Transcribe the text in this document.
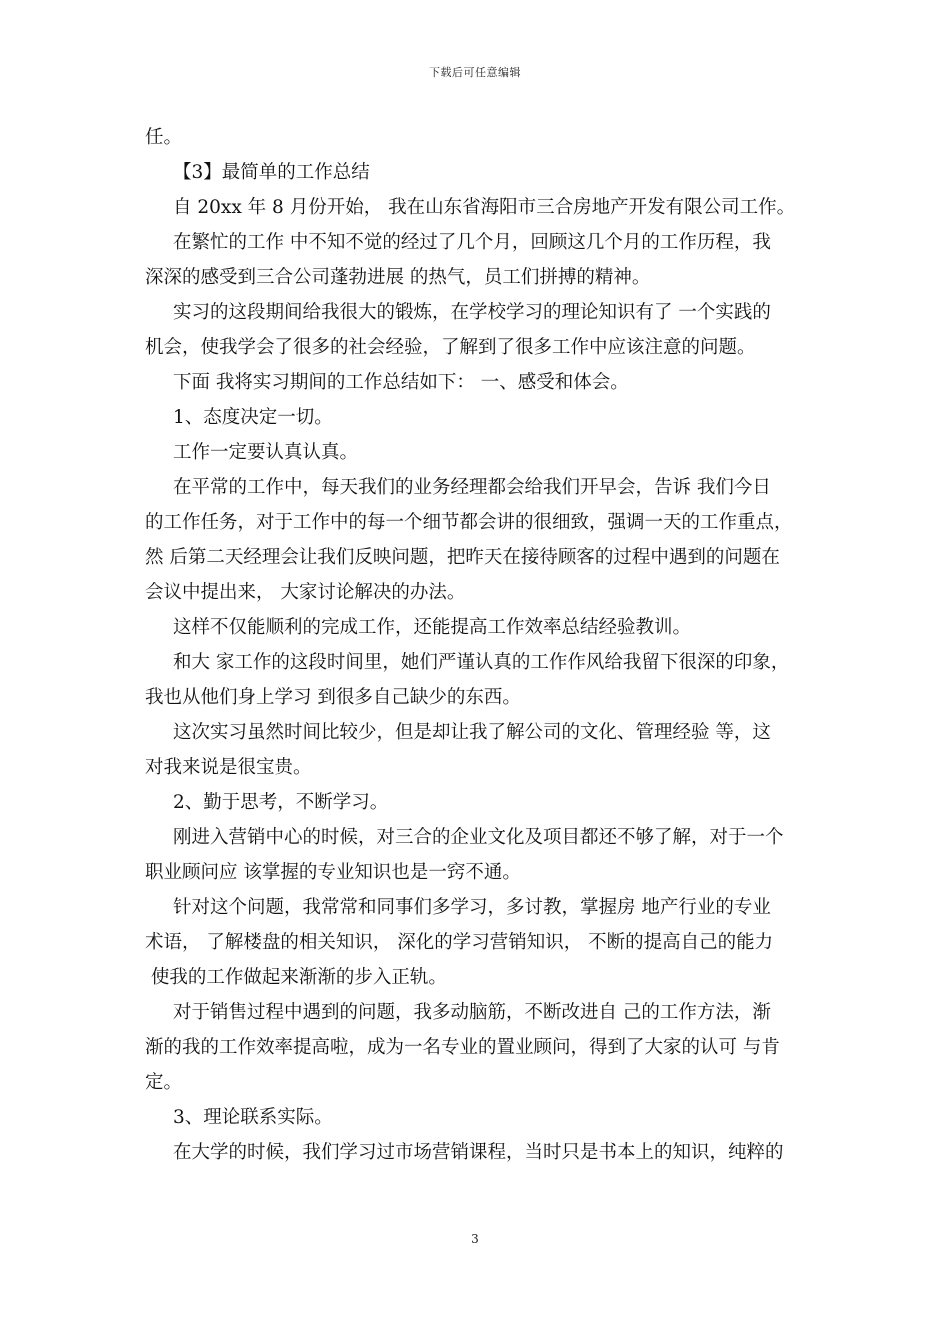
下载后可任意编辑
任。
【3】最简单的工作总结
自 20xx 年 8 月份开始， 我在山东省海阳市三合房地产开发有限公司工作。
在繁忙的工作 中不知不觉的经过了几个月，回顾这几个月的工作历程，我
深深的感受到三合公司蓬勃进展 的热气，员工们拼搏的精神。
实习的这段期间给我很大的锻炼，在学校学习的理论知识有了 一个实践的
机会，使我学会了很多的社会经验，了解到了很多工作中应该注意的问题。
下面 我将实习期间的工作总结如下： 一、感受和体会。
1、态度决定一切。
工作一定要认真认真。
在平常的工作中，每天我们的业务经理都会给我们开早会，告诉 我们今日
的工作任务，对于工作中的每一个细节都会讲的很细致，强调一天的工作重点，
然 后第二天经理会让我们反映问题，把昨天在接待顾客的过程中遇到的问题在
会议中提出来， 大家讨论解决的办法。
这样不仅能顺利的完成工作，还能提高工作效率总结经验教训。
和大 家工作的这段时间里，她们严谨认真的工作作风给我留下很深的印象，
我也从他们身上学习 到很多自己缺少的东西。
这次实习虽然时间比较少，但是却让我了解公司的文化、管理经验 等，这
对我来说是很宝贵。
2、勤于思考，不断学习。
刚进入营销中心的时候，对三合的企业文化及项目都还不够了解，对于一个
职业顾问应 该掌握的专业知识也是一窍不通。
针对这个问题，我常常和同事们多学习，多讨教，掌握房 地产行业的专业
术语， 了解楼盘的相关知识， 深化的学习营销知识， 不断的提高自己的能力
使我的工作做起来渐渐的步入正轨。
对于销售过程中遇到的问题，我多动脑筋，不断改进自 己的工作方法，渐
渐的我的工作效率提高啦，成为一名专业的置业顾问，得到了大家的认可 与肯
定。
3、理论联系实际。
在大学的时候，我们学习过市场营销课程，当时只是书本上的知识，纯粹的
3
